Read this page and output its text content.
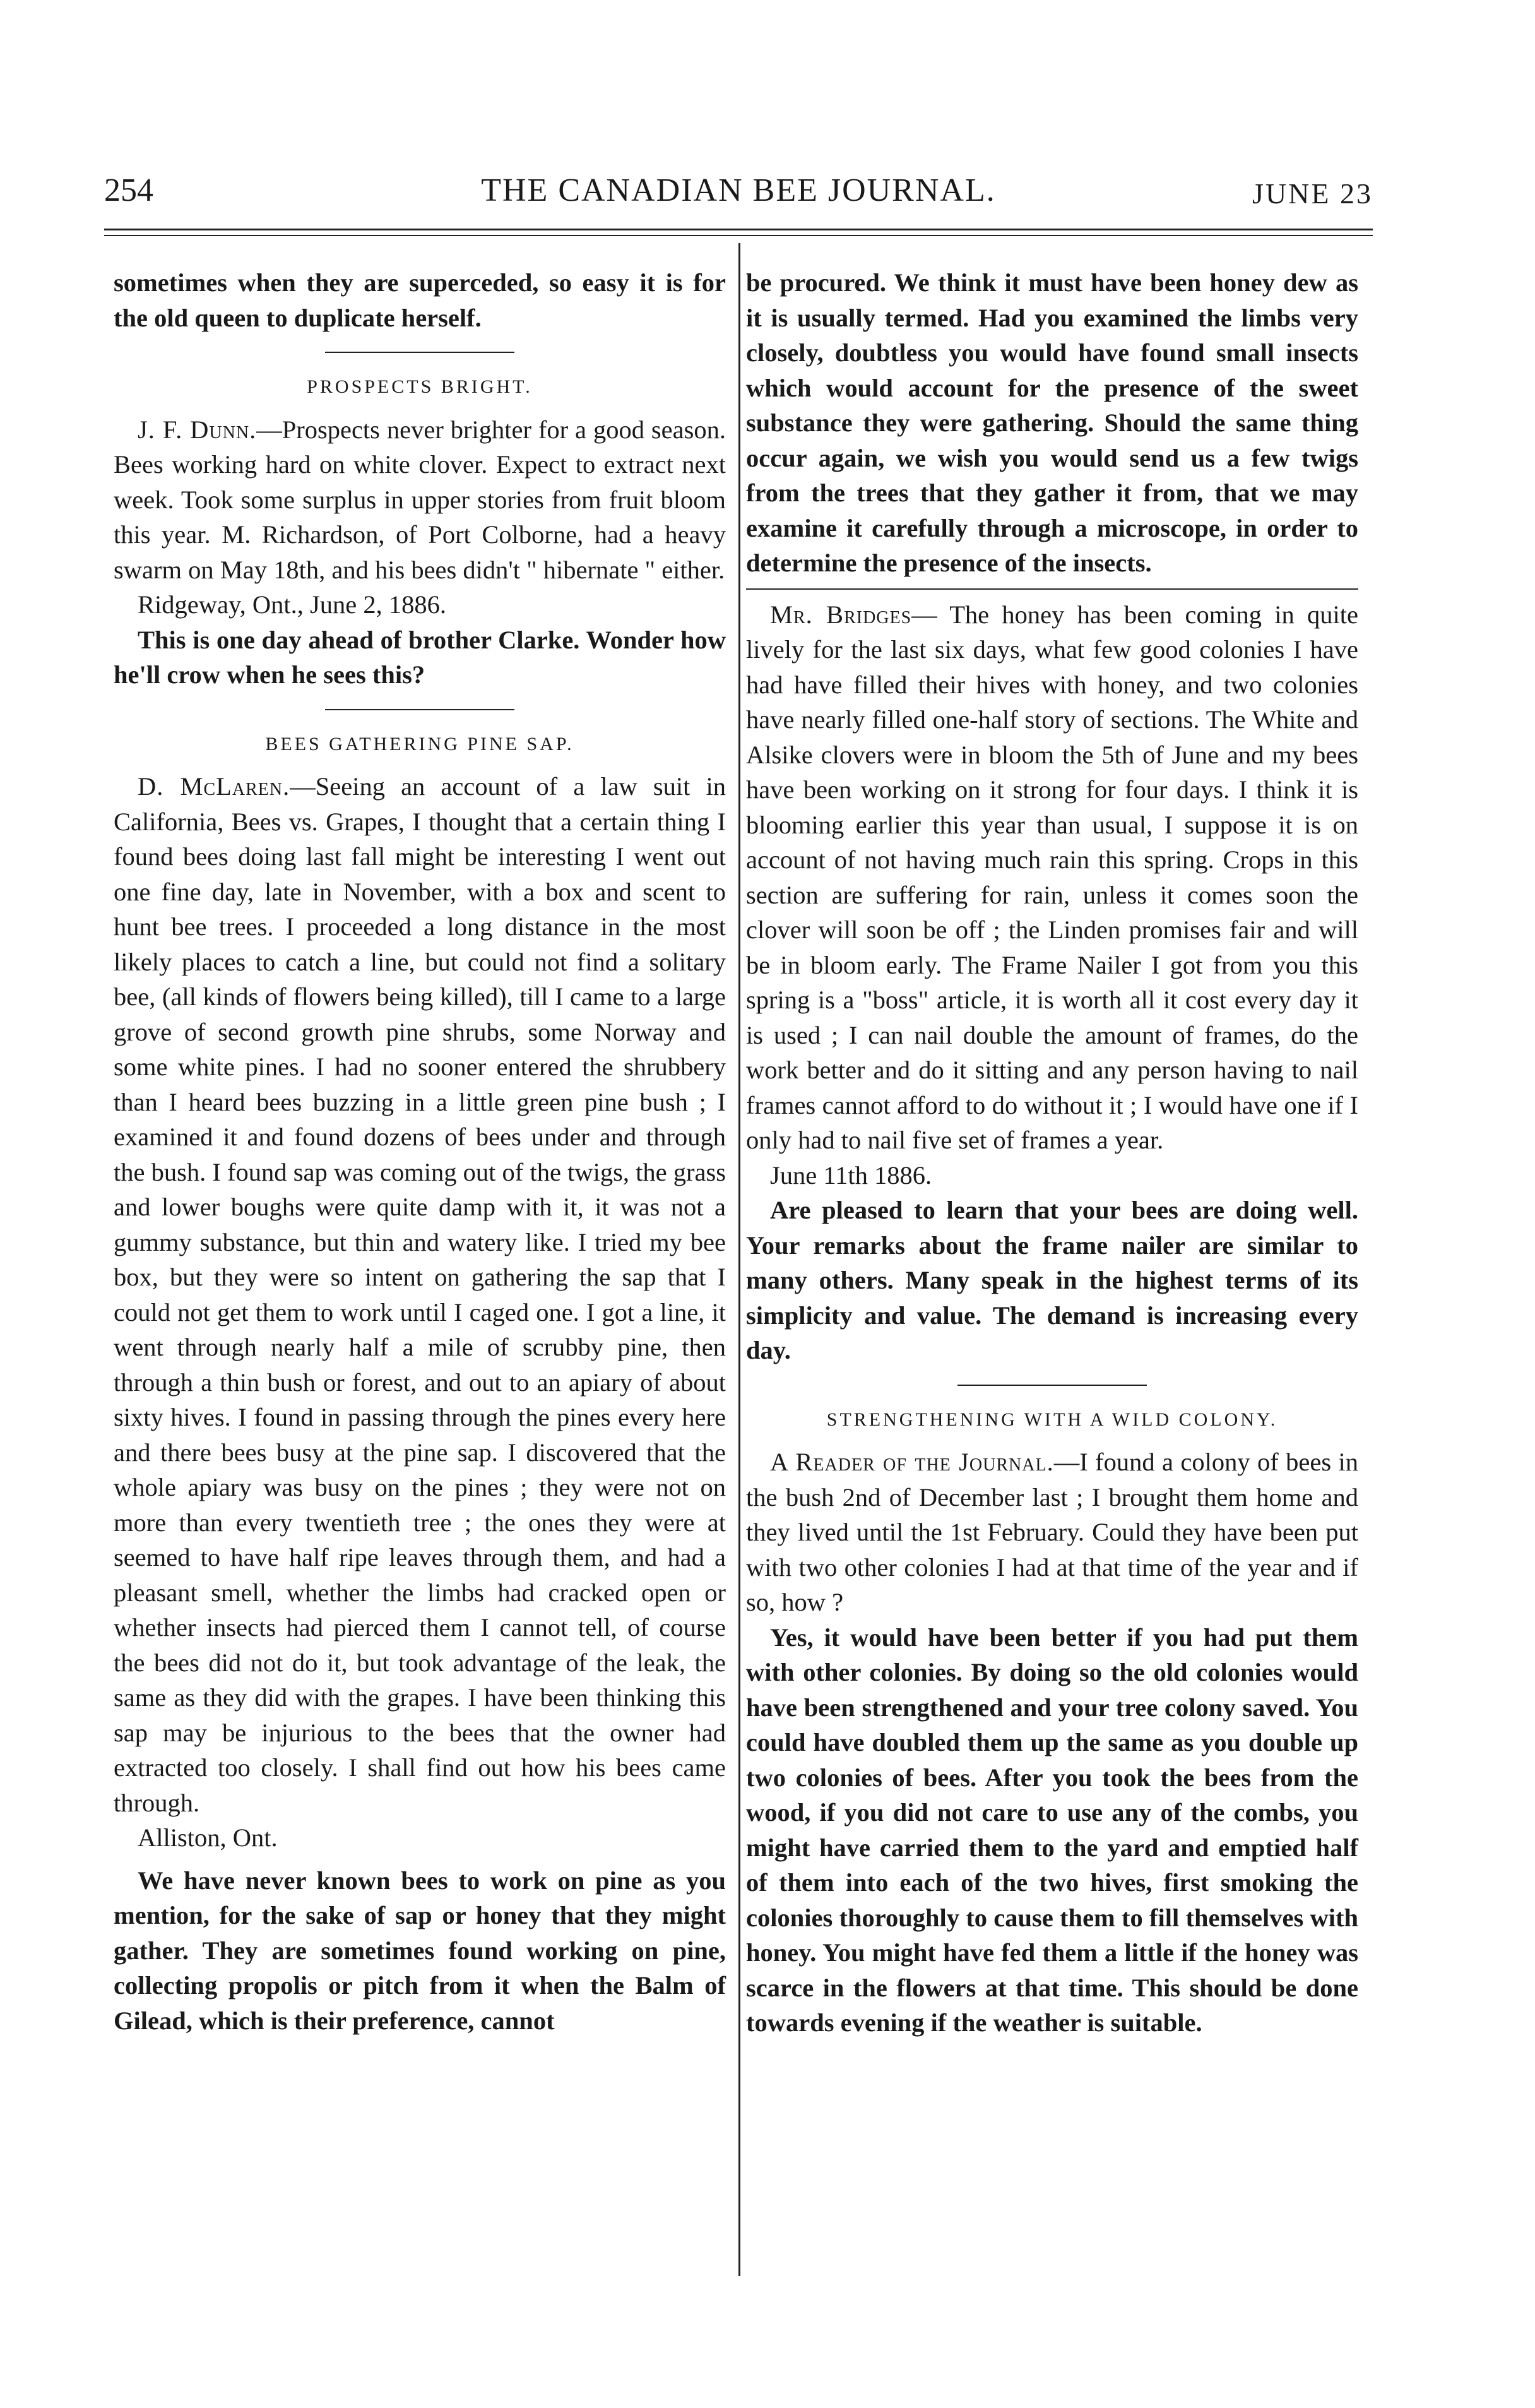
254	THE CANADIAN BEE JOURNAL.	JUNE 23

sometimes when they are superceded, so easy it is for the old queen to duplicate herself.

PROSPECTS BRIGHT.

J. F. Dunn.—Prospects never brighter for a good season. Bees working hard on white clover. Expect to extract next week. Took some surplus in upper stories from fruit bloom this year. M. Richardson, of Port Colborne, had a heavy swarm on May 18th, and his bees didn't " hibernate " either.

Ridgeway, Ont., June 2, 1886.

This is one day ahead of brother Clarke. Wonder how he'll crow when he sees this?

BEES GATHERING PINE SAP.

D. McLaren.—Seeing an account of a law suit in California, Bees vs. Grapes, I thought that a certain thing I found bees doing last fall might be interesting I went out one fine day, late in November, with a box and scent to hunt bee trees. I proceeded a long distance in the most likely places to catch a line, but could not find a solitary bee, (all kinds of flowers being killed), till I came to a large grove of second growth pine shrubs, some Norway and some white pines. I had no sooner entered the shrubbery than I heard bees buzzing in a little green pine bush ; I examined it and found dozens of bees under and through the bush. I found sap was coming out of the twigs, the grass and lower boughs were quite damp with it, it was not a gummy substance, but thin and watery like. I tried my bee box, but they were so intent on gathering the sap that I could not get them to work until I caged one. I got a line, it went through nearly half a mile of scrubby pine, then through a thin bush or forest, and out to an apiary of about sixty hives. I found in passing through the pines every here and there bees busy at the pine sap. I discovered that the whole apiary was busy on the pines ; they were not on more than every twentieth tree ; the ones they were at seemed to have half ripe leaves through them, and had a pleasant smell, whether the limbs had cracked open or whether insects had pierced them I cannot tell, of course the bees did not do it, but took advantage of the leak, the same as they did with the grapes. I have been thinking this sap may be injurious to the bees that the owner had extracted too closely. I shall find out how his bees came through.

Alliston, Ont.

We have never known bees to work on pine as you mention, for the sake of sap or honey that they might gather. They are sometimes found working on pine, collecting propolis or pitch from it when the Balm of Gilead, which is their preference, cannot

be procured. We think it must have been honey dew as it is usually termed. Had you examined the limbs very closely, doubtless you would have found small insects which would account for the presence of the sweet substance they were gathering. Should the same thing occur again, we wish you would send us a few twigs from the trees that they gather it from, that we may examine it carefully through a microscope, in order to determine the presence of the insects.

Mr. Bridges— The honey has been coming in quite lively for the last six days, what few good colonies I have had have filled their hives with honey, and two colonies have nearly filled one-half story of sections. The White and Alsike clovers were in bloom the 5th of June and my bees have been working on it strong for four days. I think it is blooming earlier this year than usual, I suppose it is on account of not having much rain this spring. Crops in this section are suffering for rain, unless it comes soon the clover will soon be off ; the Linden promises fair and will be in bloom early. The Frame Nailer I got from you this spring is a "boss" article, it is worth all it cost every day it is used ; I can nail double the amount of frames, do the work better and do it sitting and any person having to nail frames cannot afford to do without it ; I would have one if I only had to nail five set of frames a year.

June 11th 1886.

Are pleased to learn that your bees are doing well. Your remarks about the frame nailer are similar to many others. Many speak in the highest terms of its simplicity and value. The demand is increasing every day.

STRENGTHENING WITH A WILD COLONY.

A Reader of the Journal.—I found a colony of bees in the bush 2nd of December last ; I brought them home and they lived until the 1st February. Could they have been put with two other colonies I had at that time of the year and if so, how ?

Yes, it would have been better if you had put them with other colonies. By doing so the old colonies would have been strengthened and your tree colony saved. You could have doubled them up the same as you double up two colonies of bees. After you took the bees from the wood, if you did not care to use any of the combs, you might have carried them to the yard and emptied half of them into each of the two hives, first smoking the colonies thoroughly to cause them to fill themselves with honey. You might have fed them a little if the honey was scarce in the flowers at that time. This should be done towards evening if the weather is suitable.
